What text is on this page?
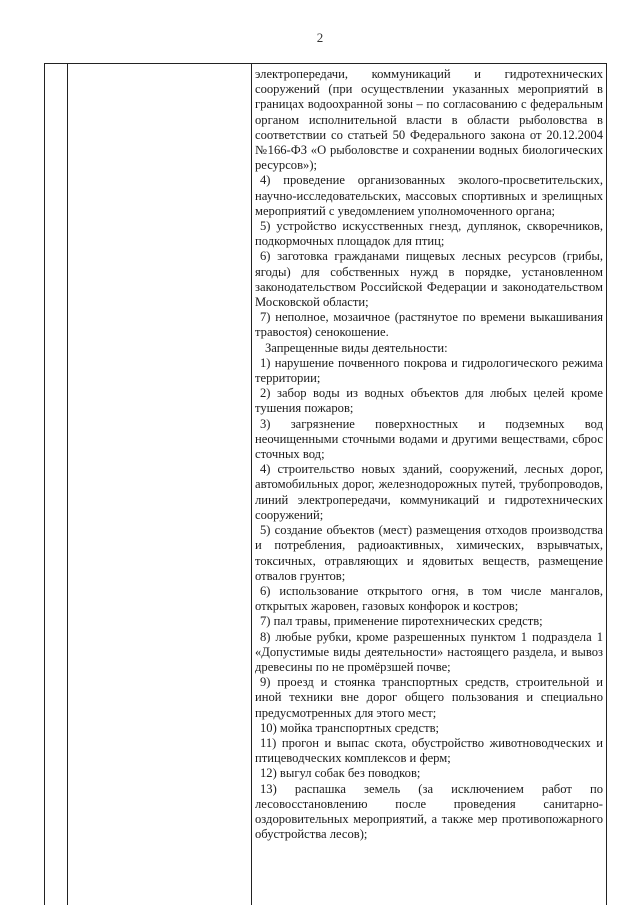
2

электропередачи, коммуникаций и гидротехнических сооружений (при осуществлении указанных мероприятий в границах водоохранной зоны – по согласованию с федеральным органом исполнительной власти в области рыболовства в соответствии со статьей 50 Федерального закона от 20.12.2004 №166-ФЗ «О рыболовстве и сохранении водных биологических ресурсов»);

4) проведение организованных эколого-просветительских, научно-исследовательских, массовых спортивных и зрелищных мероприятий с уведомлением уполномоченного органа;

5) устройство искусственных гнезд, дуплянок, скворечников, подкормочных площадок для птиц;

6) заготовка гражданами пищевых лесных ресурсов (грибы, ягоды) для собственных нужд в порядке, установленном законодательством Российской Федерации и законодательством Московской области;

7) неполное, мозаичное (растянутое по времени выкашивания травостоя) сенокошение.

Запрещенные виды деятельности:

1) нарушение почвенного покрова и гидрологического режима территории;

2) забор воды из водных объектов для любых целей кроме тушения пожаров;

3) загрязнение поверхностных и подземных вод неочищенными сточными водами и другими веществами, сброс сточных вод;

4) строительство новых зданий, сооружений, лесных дорог, автомобильных дорог, железнодорожных путей, трубопроводов, линий электропередачи, коммуникаций и гидротехнических сооружений;

5) создание объектов (мест) размещения отходов производства и потребления, радиоактивных, химических, взрывчатых, токсичных, отравляющих и ядовитых веществ, размещение отвалов грунтов;

6) использование открытого огня, в том числе мангалов, открытых жаровен, газовых конфорок и костров;

7) пал травы, применение пиротехнических средств;

8) любые рубки, кроме разрешенных пунктом 1 подраздела 1 «Допустимые виды деятельности» настоящего раздела, и вывоз древесины по не промёрзшей почве;

9) проезд и стоянка транспортных средств, строительной и иной техники вне дорог общего пользования и специально предусмотренных для этого мест;

10) мойка транспортных средств;

11) прогон и выпас скота, обустройство животноводческих и птицеводческих комплексов и ферм;

12) выгул собак без поводков;

13) распашка земель (за исключением работ по лесовосстановлению после проведения санитарно-оздоровительных мероприятий, а также мер противопожарного обустройства лесов);
